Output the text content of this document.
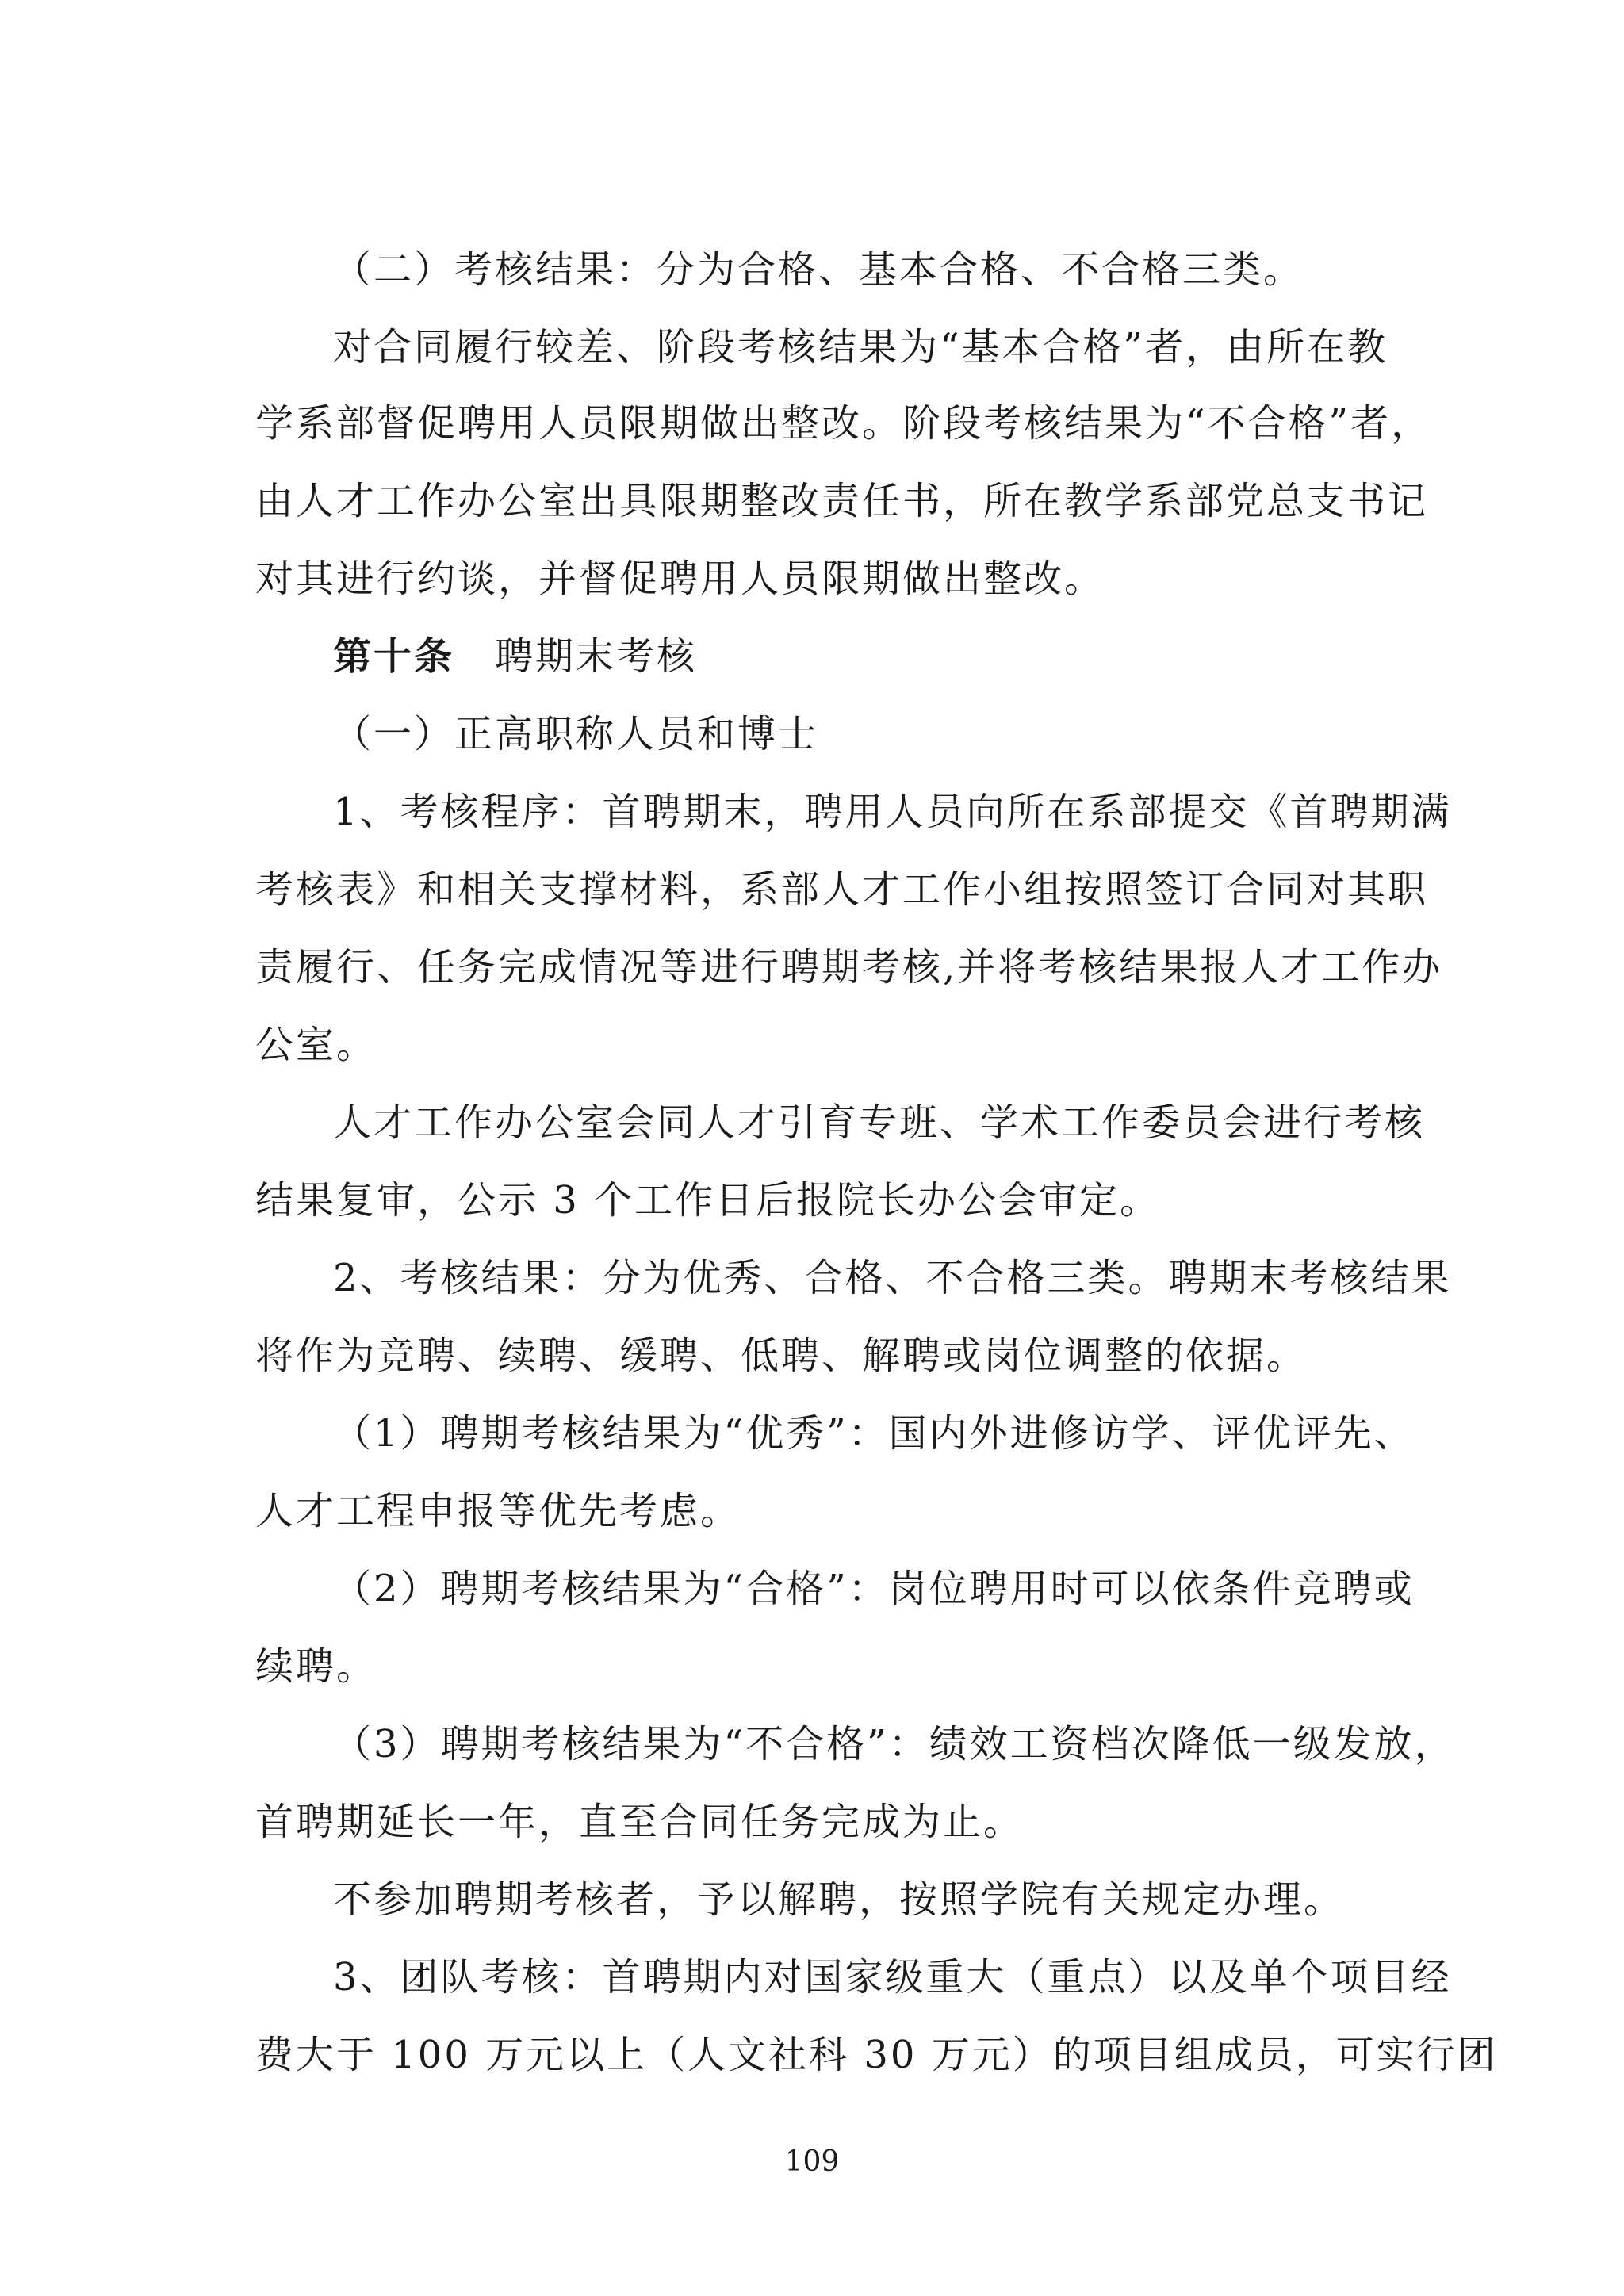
（二）考核结果：分为合格、基本合格、不合格三类。
对合同履行较差、阶段考核结果为“基本合格”者，由所在教
学系部督促聘用人员限期做出整改。阶段考核结果为“不合格”者，
由人才工作办公室出具限期整改责任书，所在教学系部党总支书记
对其进行约谈，并督促聘用人员限期做出整改。
第十条　聘期末考核
（一）正高职称人员和博士
1、考核程序：首聘期末，聘用人员向所在系部提交《首聘期满
考核表》和相关支撑材料，系部人才工作小组按照签订合同对其职
责履行、任务完成情况等进行聘期考核,并将考核结果报人才工作办
公室。
人才工作办公室会同人才引育专班、学术工作委员会进行考核
结果复审，公示 3 个工作日后报院长办公会审定。
2、考核结果：分为优秀、合格、不合格三类。聘期末考核结果
将作为竞聘、续聘、缓聘、低聘、解聘或岗位调整的依据。
（1）聘期考核结果为“优秀”：国内外进修访学、评优评先、
人才工程申报等优先考虑。
（2）聘期考核结果为“合格”：岗位聘用时可以依条件竞聘或
续聘。
（3）聘期考核结果为“不合格”：绩效工资档次降低一级发放，
首聘期延长一年，直至合同任务完成为止。
不参加聘期考核者，予以解聘，按照学院有关规定办理。
3、团队考核：首聘期内对国家级重大（重点）以及单个项目经
费大于 100 万元以上（人文社科 30 万元）的项目组成员，可实行团
109
